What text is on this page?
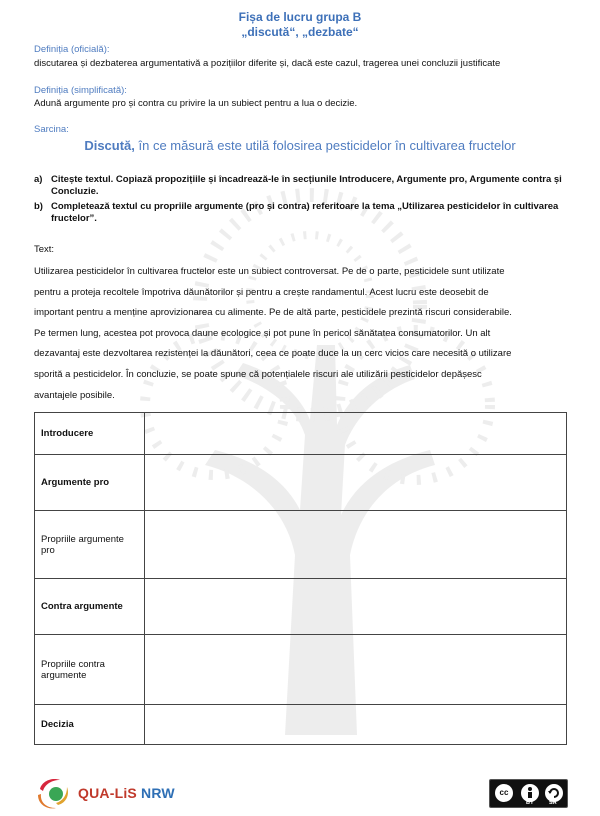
Fișa de lucru grupa B
„discută“, „dezbate“
Definiția (oficială):
discutarea și dezbaterea argumentativă a pozițiilor diferite și, dacă este cazul, tragerea unei concluzii justificate
Definiția (simplificată):
Adună argumente pro și contra cu privire la un subiect pentru a lua o decizie.
Sarcina:
Discută, în ce măsură este utilă folosirea pesticidelor în cultivarea fructelor
a) Citește textul. Copiază propozițiile și încadrează-le în secțiunile Introducere, Argumente pro, Argumente contra și Concluzie.
b) Completează textul cu propriile argumente (pro și contra) referitoare la tema „Utilizarea pesticidelor în cultivarea fructelor”.
Text:
Utilizarea pesticidelor în cultivarea fructelor este un subiect controversat. Pe de o parte, pesticidele sunt utilizate
pentru a proteja recoltele împotriva dăunătorilor și pentru a crește randamentul. Acest lucru este deosebit de
important pentru a menține aprovizionarea cu alimente. Pe de altă parte, pesticidele prezintă riscuri considerabile.
Pe termen lung, acestea pot provoca daune ecologice și pot pune în pericol sănătatea consumatorilor. Un alt
dezavantaj este dezvoltarea rezistenței la dăunători, ceea ce poate duce la un cerc vicios care necesită o utilizare
sporită a pesticidelor. În concluzie, se poate spune că potențialele riscuri ale utilizării pesticidelor depășesc
avantajele posibile.
Introducere	
Argumente pro	
Propriile argumente pro	
Contra argumente	
Propriile contra argumente	
Decizia	
QUA-LiS NRW	cc
BY	SA
